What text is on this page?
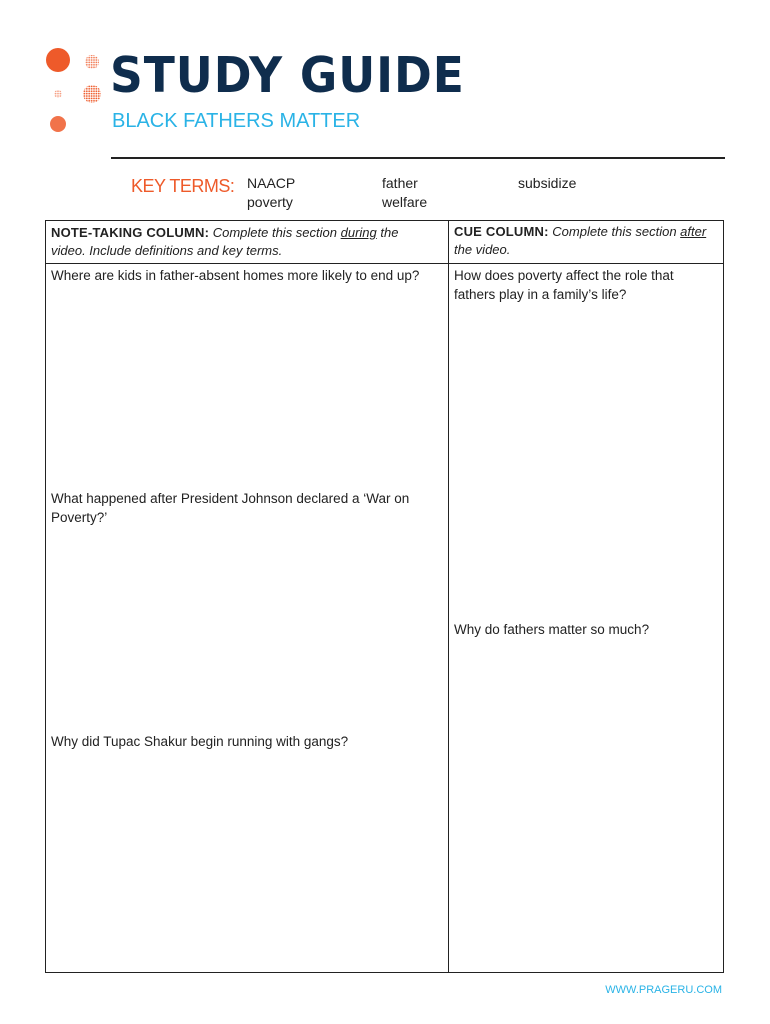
STUDY GUIDE
BLACK FATHERS MATTER
KEY TERMS: NAACP
poverty
father
welfare
subsidize
NOTE-TAKING COLUMN: Complete this section during the
video. Include definitions and key terms.
CUE COLUMN: Complete this section after
the video.
Where are kids in father-absent homes more likely to end up?
What happened after President Johnson declared a ‘War on Poverty?’
Why did Tupac Shakur begin running with gangs?
How does poverty affect the role that fathers play in a family’s life?
Why do fathers matter so much?
WWW.PRAGERU.COM
